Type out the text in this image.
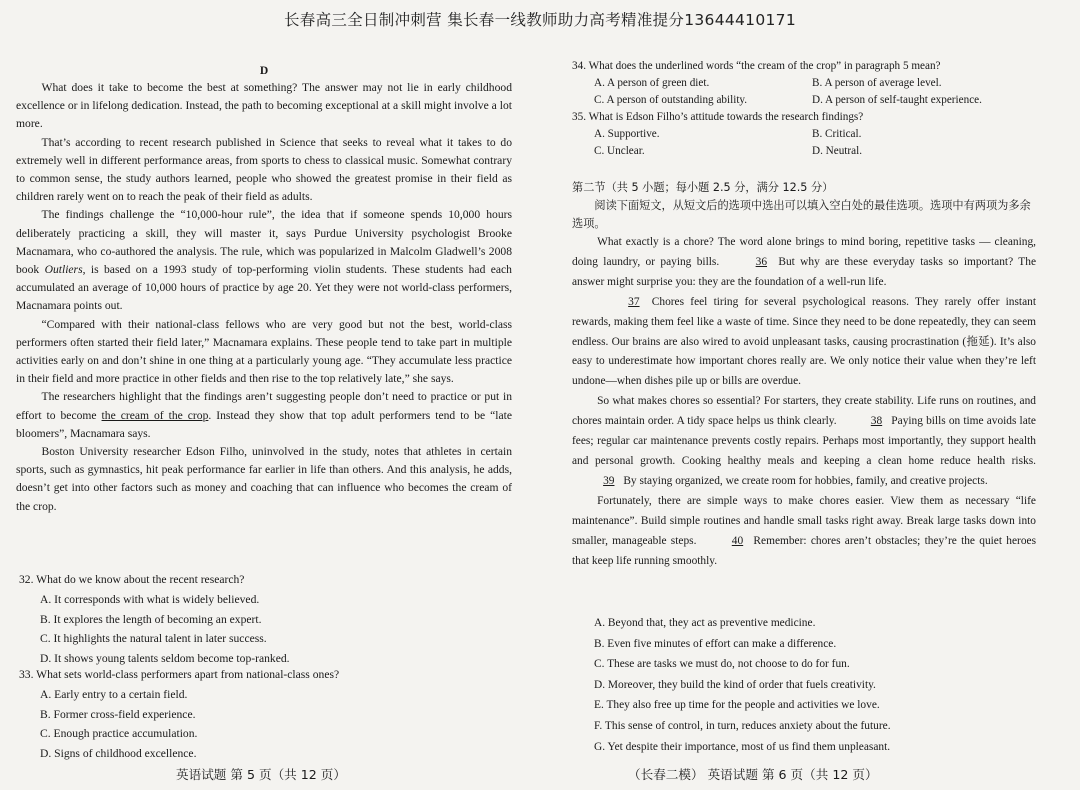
长春高三全日制冲刺营 集长春一线教师助力高考精准提分13644410171
D

What does it take to become the best at something? The answer may not lie in early childhood excellence or in lifelong dedication. Instead, the path to becoming exceptional at a skill might involve a lot more.

That’s according to recent research published in Science that seeks to reveal what it takes to do extremely well in different performance areas, from sports to chess to classical music. Somewhat contrary to common sense, the study authors learned, people who showed the greatest promise in their field as children rarely went on to reach the peak of their field as adults.

The findings challenge the “10,000-hour rule”, the idea that if someone spends 10,000 hours deliberately practicing a skill, they will master it, says Purdue University psychologist Brooke Macnamara, who co-authored the analysis. The rule, which was popularized in Malcolm Gladwell’s 2008 book Outliers, is based on a 1993 study of top-performing violin students. These students had each accumulated an average of 10,000 hours of practice by age 20. Yet they were not world-class performers, Macnamara points out.

“Compared with their national-class fellows who are very good but not the best, world-class performers often started their field later,” Macnamara explains. These people tend to take part in multiple activities early on and don’t shine in one thing at a particularly young age. “They accumulate less practice in their field and more practice in other fields and then rise to the top relatively late,” she says.

The researchers highlight that the findings aren’t suggesting people don’t need to practice or put in effort to become the cream of the crop. Instead they show that top adult performers tend to be “late bloomers”, Macnamara says.

Boston University researcher Edson Filho, uninvolved in the study, notes that athletes in certain sports, such as gymnastics, hit peak performance far earlier in life than others. And this analysis, he adds, doesn’t get into other factors such as money and coaching that can influence who becomes the cream of the crop.

32. What do we know about the recent research?
A. It corresponds with what is widely believed.
B. It explores the length of becoming an expert.
C. It highlights the natural talent in later success.
D. It shows young talents seldom become top-ranked.
33. What sets world-class performers apart from national-class ones?
A. Early entry to a certain field.
B. Former cross-field experience.
C. Enough practice accumulation.
D. Signs of childhood excellence.
英语试题 第 5 页（共 12 页）
34. What does the underlined words “the cream of the crop” in paragraph 5 mean?
A. A person of green diet.	B. A person of average level.
C. A person of outstanding ability.	D. A person of self-taught experience.
35. What is Edson Filho’s attitude towards the research findings?
A. Supportive.	B. Critical.
C. Unclear.	D. Neutral.
第二节（共 5 小题；每小题 2.5 分，满分 12.5 分）
阅读下面短文，从短文后的选项中选出可以填入空白处的最佳选项。选项中有两项为多余选项。

What exactly is a chore? The word alone brings to mind boring, repetitive tasks — cleaning, doing laundry, or paying bills.	36 But why are these everyday tasks so important? The answer might surprise you: they are the foundation of a well-run life.

37 Chores feel tiring for several psychological reasons. They rarely offer instant rewards, making them feel like a waste of time. Since they need to be done repeatedly, they can seem endless. Our brains are also wired to avoid unpleasant tasks, causing procrastination (拖延). It’s also easy to underestimate how important chores really are. We only notice their value when they’re left undone—when dishes pile up or bills are overdue.

So what makes chores so essential? For starters, they create stability. Life runs on routines, and chores maintain order. A tidy space helps us think clearly.	38 Paying bills on time avoids late fees; regular car maintenance prevents costly repairs. Perhaps most importantly, they support health and personal growth. Cooking healthy meals and keeping a clean home reduce health risks. 39 By staying organized, we create room for hobbies, family, and creative projects.

Fortunately, there are simple ways to make chores easier. View them as necessary “life maintenance”. Build simple routines and handle small tasks right away. Break large tasks down into smaller, manageable steps.	40 Remember: chores aren’t obstacles; they’re the quiet heroes that keep life running smoothly.

A. Beyond that, they act as preventive medicine.
B. Even five minutes of effort can make a difference.
C. These are tasks we must do, not choose to do for fun.
D. Moreover, they build the kind of order that fuels creativity.
E. They also free up time for the people and activities we love.
F. This sense of control, in turn, reduces anxiety about the future.
G. Yet despite their importance, most of us find them unpleasant.
（长春二模） 英语试题 第 6 页（共 12 页）
